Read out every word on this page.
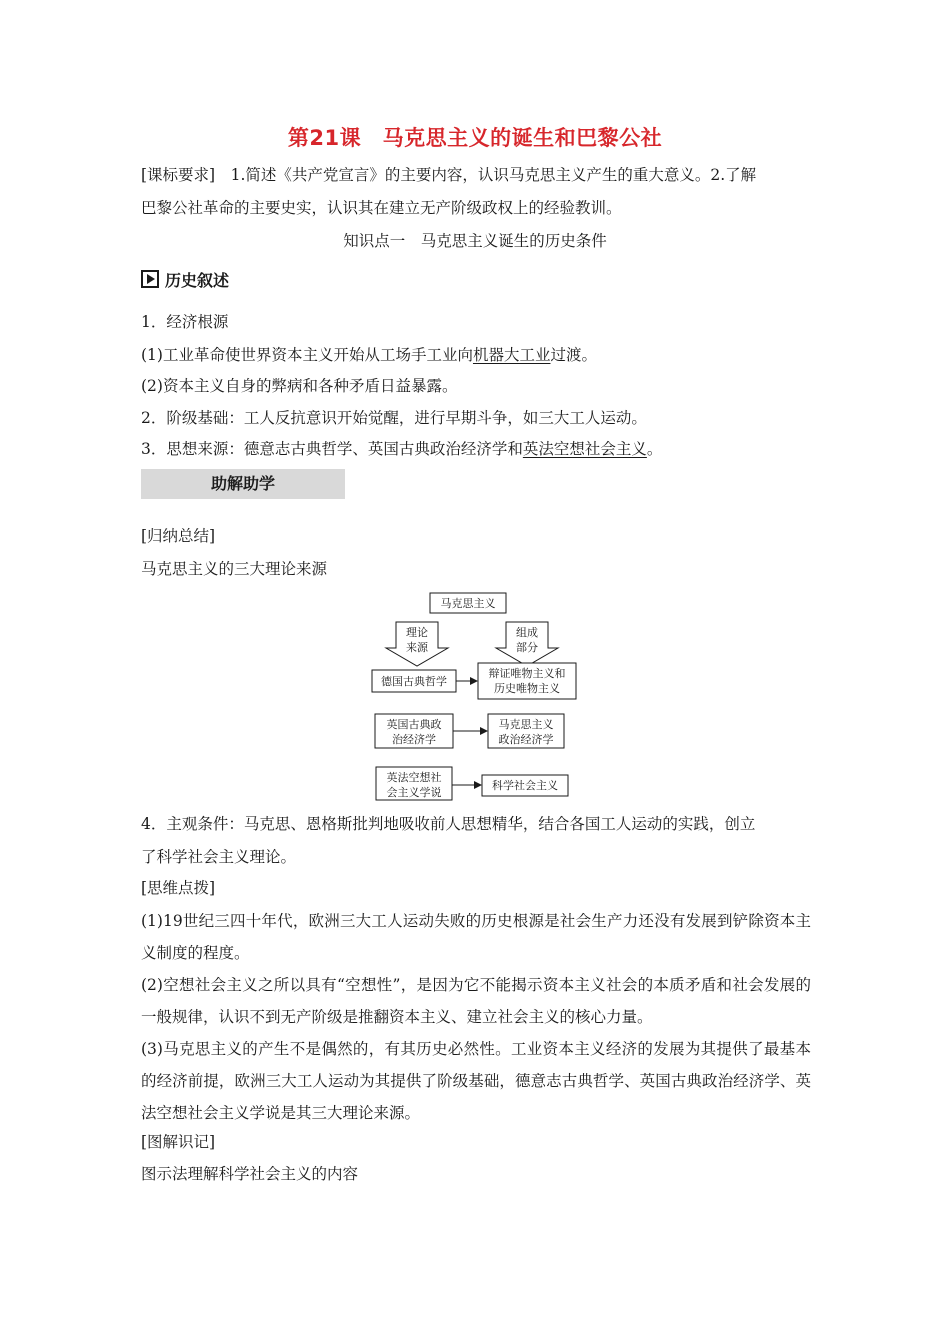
第21课　马克思主义的诞生和巴黎公社
[课标要求]　1.简述《共产党宣言》的主要内容，认识马克思主义产生的重大意义。2.了解
巴黎公社革命的主要史实，认识其在建立无产阶级政权上的经验教训。
知识点一　马克思主义诞生的历史条件
历史叙述
1．经济根源
(1)工业革命使世界资本主义开始从工场手工业向机器大工业过渡。
(2)资本主义自身的弊病和各种矛盾日益暴露。
2．阶级基础：工人反抗意识开始觉醒，进行早期斗争，如三大工人运动。
3．思想来源：德意志古典哲学、英国古典政治经济学和英法空想社会主义。
助解助学
[归纳总结]
马克思主义的三大理论来源
马克思主义
理论
来源
组成
部分
德国古典哲学
辩证唯物主义和
历史唯物主义
英国古典政
治经济学
马克思主义
政治经济学
英法空想社
会主义学说
科学社会主义
4．主观条件：马克思、恩格斯批判地吸收前人思想精华，结合各国工人运动的实践，创立
了科学社会主义理论。
[思维点拨]
(1)19世纪三四十年代，欧洲三大工人运动失败的历史根源是社会生产力还没有发展到铲除资本主义制度的程度。
(2)空想社会主义之所以具有“空想性”，是因为它不能揭示资本主义社会的本质矛盾和社会发展的一般规律，认识不到无产阶级是推翻资本主义、建立社会主义的核心力量。
(3)马克思主义的产生不是偶然的，有其历史必然性。工业资本主义经济的发展为其提供了最基本的经济前提，欧洲三大工人运动为其提供了阶级基础，德意志古典哲学、英国古典政治经济学、英法空想社会主义学说是其三大理论来源。
[图解识记]
图示法理解科学社会主义的内容
